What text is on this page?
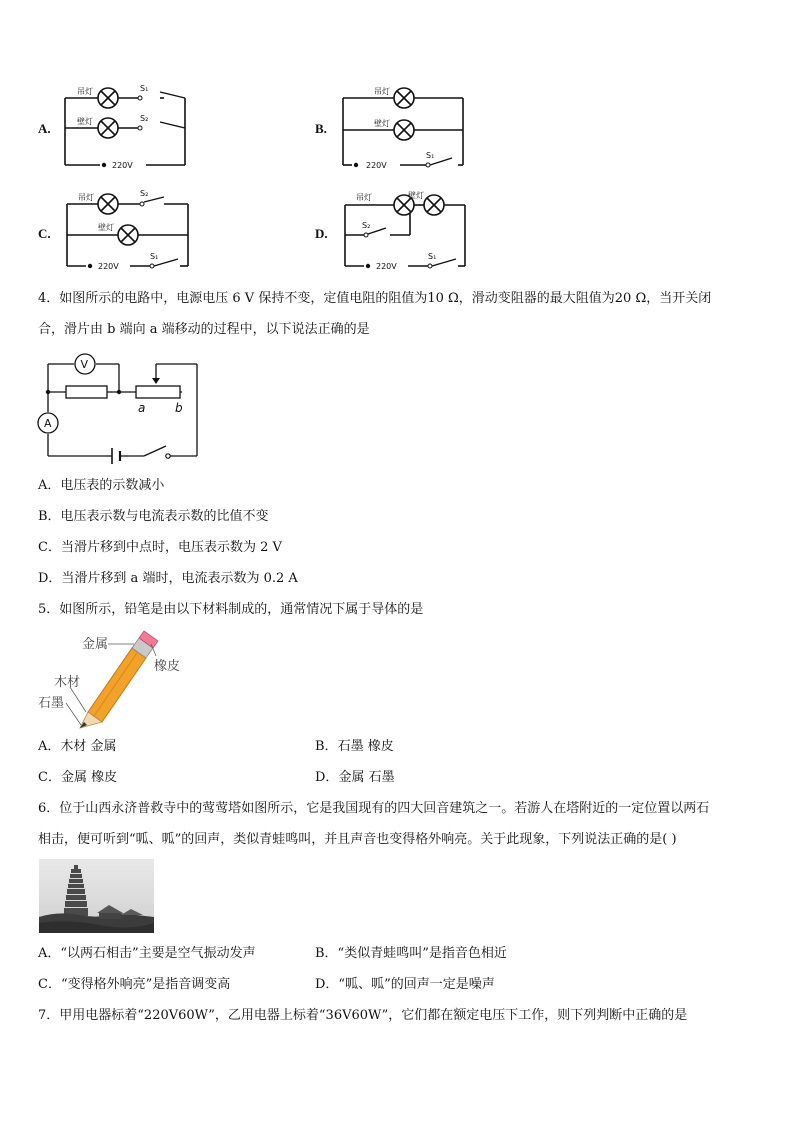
A.	B.
C.	D.
吊灯
壁灯
S₁
S₂
220V
吊灯
壁灯
S₁
220V
吊灯
壁灯
S₂
S₁
220V
吊灯	壁灯
S₂
S₁
220V
4．如图所示的电路中，电源电压 6 V 保持不变，定值电阻的阻值为10 Ω，滑动变阻器的最大阻值为20 Ω，当开关闭
合，滑片由 b 端向 a 端移动的过程中，以下说法正确的是
V
A
a b
A．电压表的示数减小
B．电压表示数与电流表示数的比值不变
C．当滑片移到中点时，电压表示数为 2 V
D．当滑片移到 a 端时，电流表示数为 0.2 A
5．如图所示，铅笔是由以下材料制成的，通常情况下属于导体的是
金属
橡皮
木材
石墨
A．木材 金属	B．石墨 橡皮
C．金属 橡皮	D．金属 石墨
6．位于山西永济普救寺中的莺莺塔如图所示，它是我国现有的四大回音建筑之一。若游人在塔附近的一定位置以两石
相击，便可听到“呱、呱”的回声，类似青蛙鸣叫，并且声音也变得格外响亮。关于此现象，下列说法正确的是( )
A．“以两石相击”主要是空气振动发声	B．“类似青蛙鸣叫”是指音色相近
C．“变得格外响亮”是指音调变高	D．“呱、呱”的回声一定是噪声
7．甲用电器标着“220V60W”，乙用电器上标着“36V60W”，它们都在额定电压下工作，则下列判断中正确的是
